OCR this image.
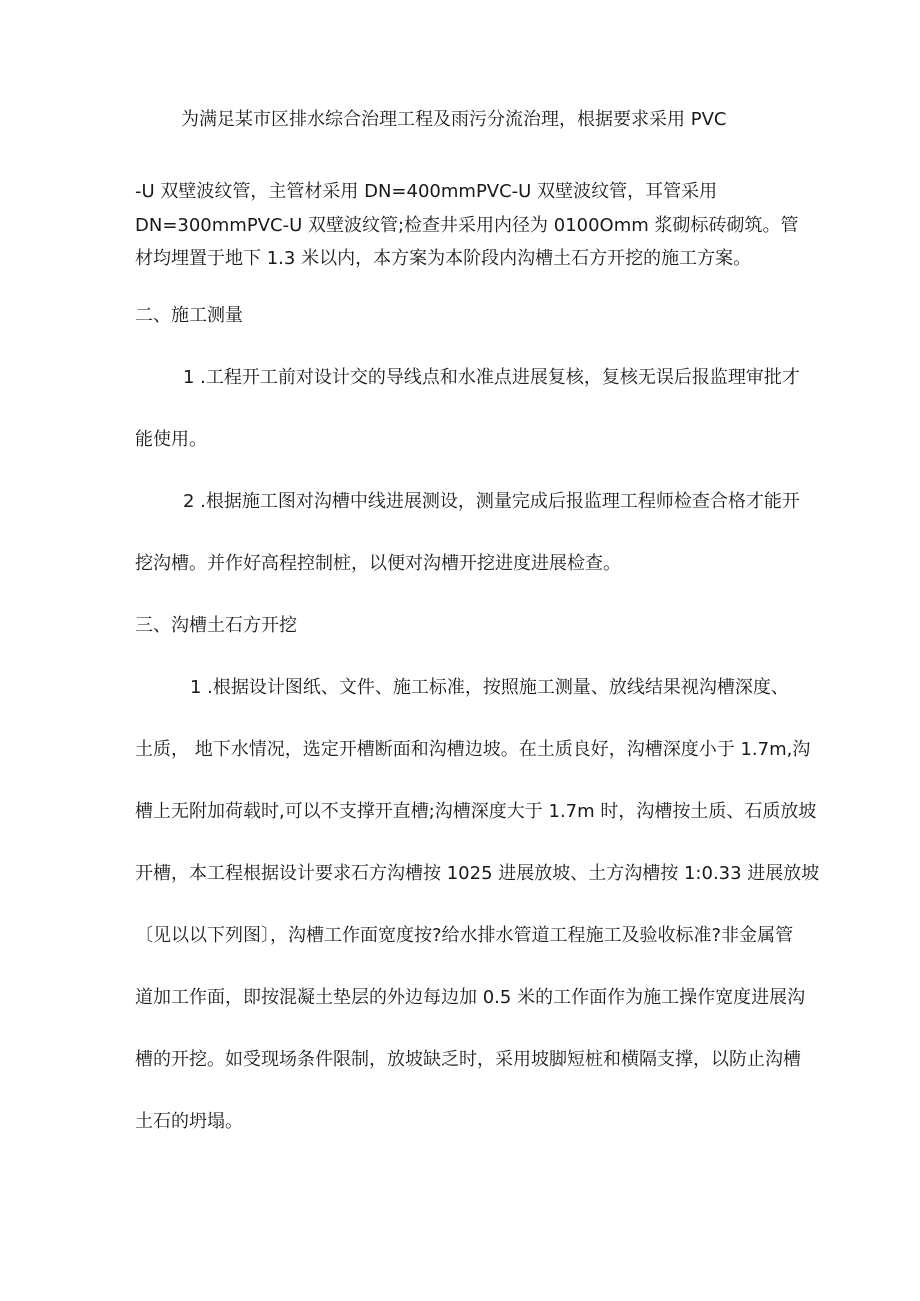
为满足某市区排水综合治理工程及雨污分流治理，根据要求采用 PVC
-U 双壁波纹管，主管材采用 DN=400mmPVC-U 双壁波纹管，耳管采用
DN=300mmPVC-U 双壁波纹管;检查井采用内径为 0100Omm 浆砌标砖砌筑。管
材均埋置于地下 1.3 米以内，本方案为本阶段内沟槽土石方开挖的施工方案。
二、施工测量
1 .工程开工前对设计交的导线点和水准点进展复核，复核无误后报监理审批才
能使用。
2 .根据施工图对沟槽中线进展测设，测量完成后报监理工程师检查合格才能开
挖沟槽。并作好高程控制桩，以便对沟槽开挖进度进展检查。
三、沟槽土石方开挖
1 .根据设计图纸、文件、施工标准，按照施工测量、放线结果视沟槽深度、
土质， 地下水情况，选定开槽断面和沟槽边坡。在土质良好，沟槽深度小于 1.7m,沟
槽上无附加荷载时,可以不支撑开直槽;沟槽深度大于 1.7m 时，沟槽按土质、石质放坡
开槽，本工程根据设计要求石方沟槽按 1025 进展放坡、土方沟槽按 1:0.33 进展放坡
〔见以以下列图〕，沟槽工作面宽度按?给水排水管道工程施工及验收标准?非金属管
道加工作面，即按混凝土垫层的外边每边加 0.5 米的工作面作为施工操作宽度进展沟
槽的开挖。如受现场条件限制，放坡缺乏时，采用坡脚短桩和横隔支撑，以防止沟槽
土石的坍塌。
